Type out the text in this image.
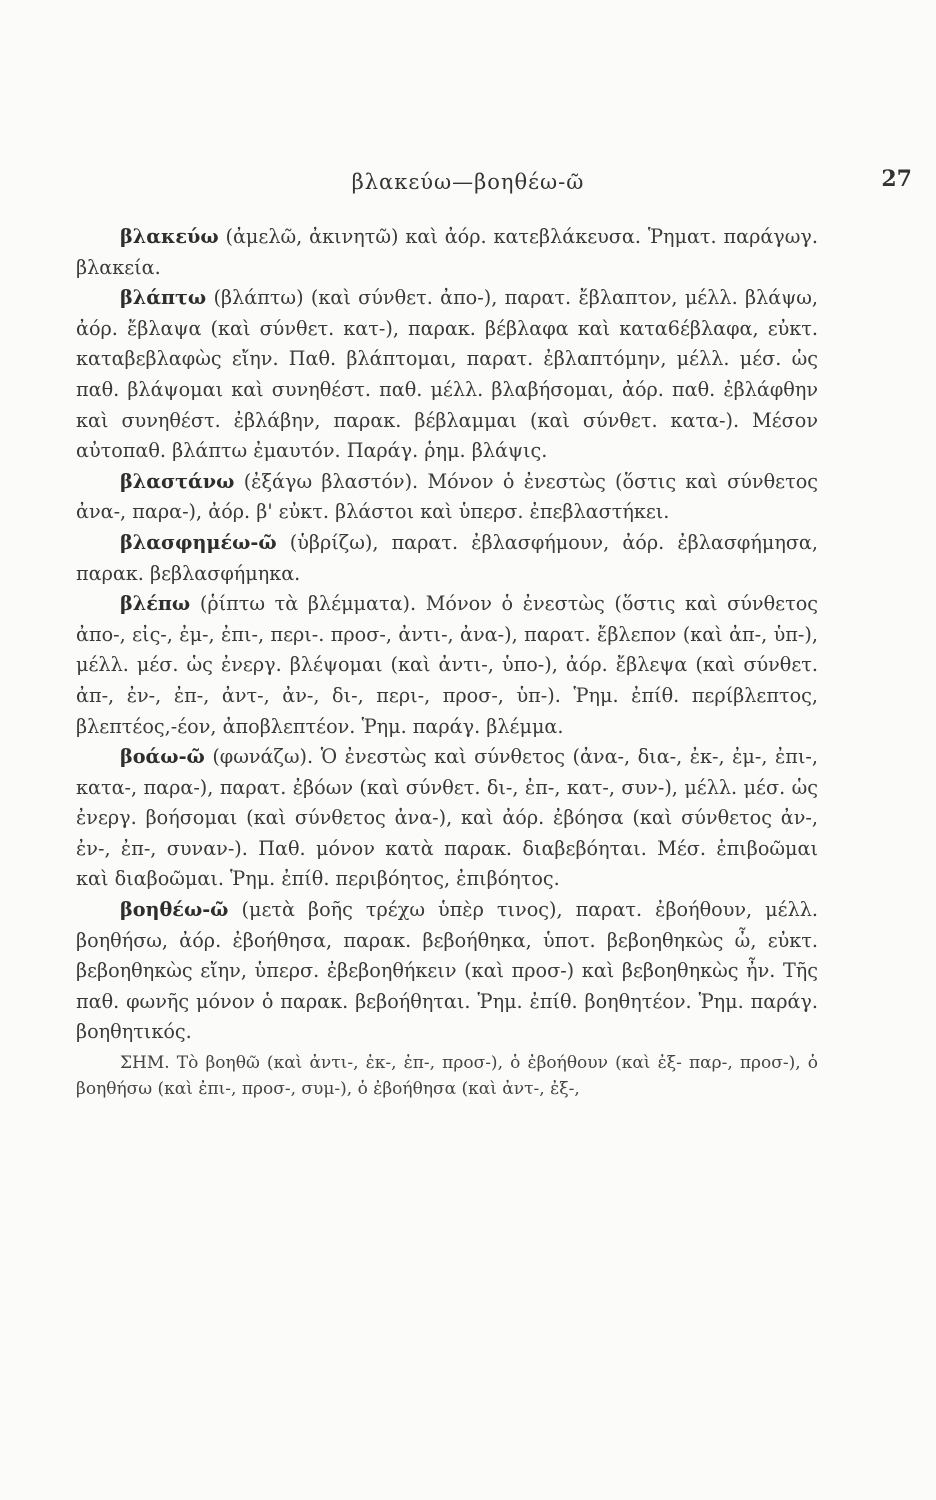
βλακεύω—βοηθέω-ῶ	27

βλακεύω (ἀμελῶ, ἀκινητῶ) καὶ ἀόρ. κατεβλάκευσα. Ῥηματ. παράγωγ. βλακεία.

βλάπτω (βλάπτω) (καὶ σύνθετ. ἀπο-), παρατ. ἔβλαπτον, μέλλ. βλάψω, ἀόρ. ἔβλαψα (καὶ σύνθετ. κατ-), παρακ. βέβλαφα καὶ κατα6έβλαφα, εὐκτ. καταβεβλαφὼς εἴην. Παθ. βλάπτομαι, παρατ. ἐβλαπτόμην, μέλλ. μέσ. ὡς παθ. βλάψομαι καὶ συνηθέστ. παθ. μέλλ. βλαβήσομαι, ἀόρ. παθ. ἐβλάφθην καὶ συνηθέστ. ἐβλάβην, παρακ. βέβλαμμαι (καὶ σύνθετ. κατα-). Μέσον αὐτοπαθ. βλάπτω ἐμαυτόν. Παράγ. ῥημ. βλάψις.

βλαστάνω (ἐξάγω βλαστόν). Μόνον ὁ ἐνεστὼς (ὅστις καὶ σύνθετος ἀνα-, παρα-), ἀόρ. β' εὐκτ. βλάστοι καὶ ὑπερσ. ἐπεβλαστήκει.

βλασφημέω-ῶ (ὑβρίζω), παρατ. ἐβλασφήμουν, ἀόρ. ἐβλασφήμησα, παρακ. βεβλασφήμηκα.

βλέπω (ῥίπτω τὰ βλέμματα). Μόνον ὁ ἐνεστὼς (ὅστις καὶ σύνθετος ἀπο-, εἰς-, ἐμ-, ἐπι-, περι-. προσ-, ἀντι-, ἀνα-), παρατ. ἔβλεπον (καὶ ἀπ-, ὑπ-), μέλλ. μέσ. ὡς ἐνεργ. βλέψομαι (καὶ ἀντι-, ὑπο-), ἀόρ. ἔβλεψα (καὶ σύνθετ. ἀπ-, ἐν-, ἐπ-, ἀντ-, ἀν-, δι-, περι-, προσ-, ὑπ-). Ῥημ. ἐπίθ. περίβλεπτος, βλεπτέος,-έον, ἀποβλεπτέον. Ῥημ. παράγ. βλέμμα.

βοάω-ῶ (φωνάζω). Ὁ ἐνεστὼς καὶ σύνθετος (ἀνα-, δια-, ἐκ-, ἐμ-, ἐπι-, κατα-, παρα-), παρατ. ἐβόων (καὶ σύνθετ. δι-, ἐπ-, κατ-, συν-), μέλλ. μέσ. ὡς ἐνεργ. βοήσομαι (καὶ σύνθετος ἀνα-), καὶ ἀόρ. ἐβόησα (καὶ σύνθετος ἀν-, ἐν-, ἐπ-, συναν-). Παθ. μόνον κατὰ παρακ. διαβεβόηται. Μέσ. ἐπιβοῶμαι καὶ διαβοῶμαι. Ῥημ. ἐπίθ. περιβόητος, ἐπιβόητος.

βοηθέω-ῶ (μετὰ βοῆς τρέχω ὑπὲρ τινος), παρατ. ἐβοήθουν, μέλλ. βοηθήσω, ἀόρ. ἐβοήθησα, παρακ. βεβοήθηκα, ὑποτ. βεβοηθηκὼς ὦ, εὐκτ. βεβοηθηκὼς εἴην, ὑπερσ. ἐβεβοηθήκειν (καὶ προσ-) καὶ βεβοηθηκὼς ἦν. Τῆς παθ. φωνῆς μόνον ὁ παρακ. βεβοήθηται. Ῥημ. ἐπίθ. βοηθητέον. Ῥημ. παράγ. βοηθητικός.

ΣΗΜ. Τὸ βοηθῶ (καὶ ἀντι-, ἐκ-, ἐπ-, προσ-), ὁ ἐβοήθουν (καὶ ἐξ- παρ-, προσ-), ὁ βοηθήσω (καὶ ἐπι-, προσ-, συμ-), ὁ ἐβοήθησα (καὶ ἀντ-, ἐξ-,
